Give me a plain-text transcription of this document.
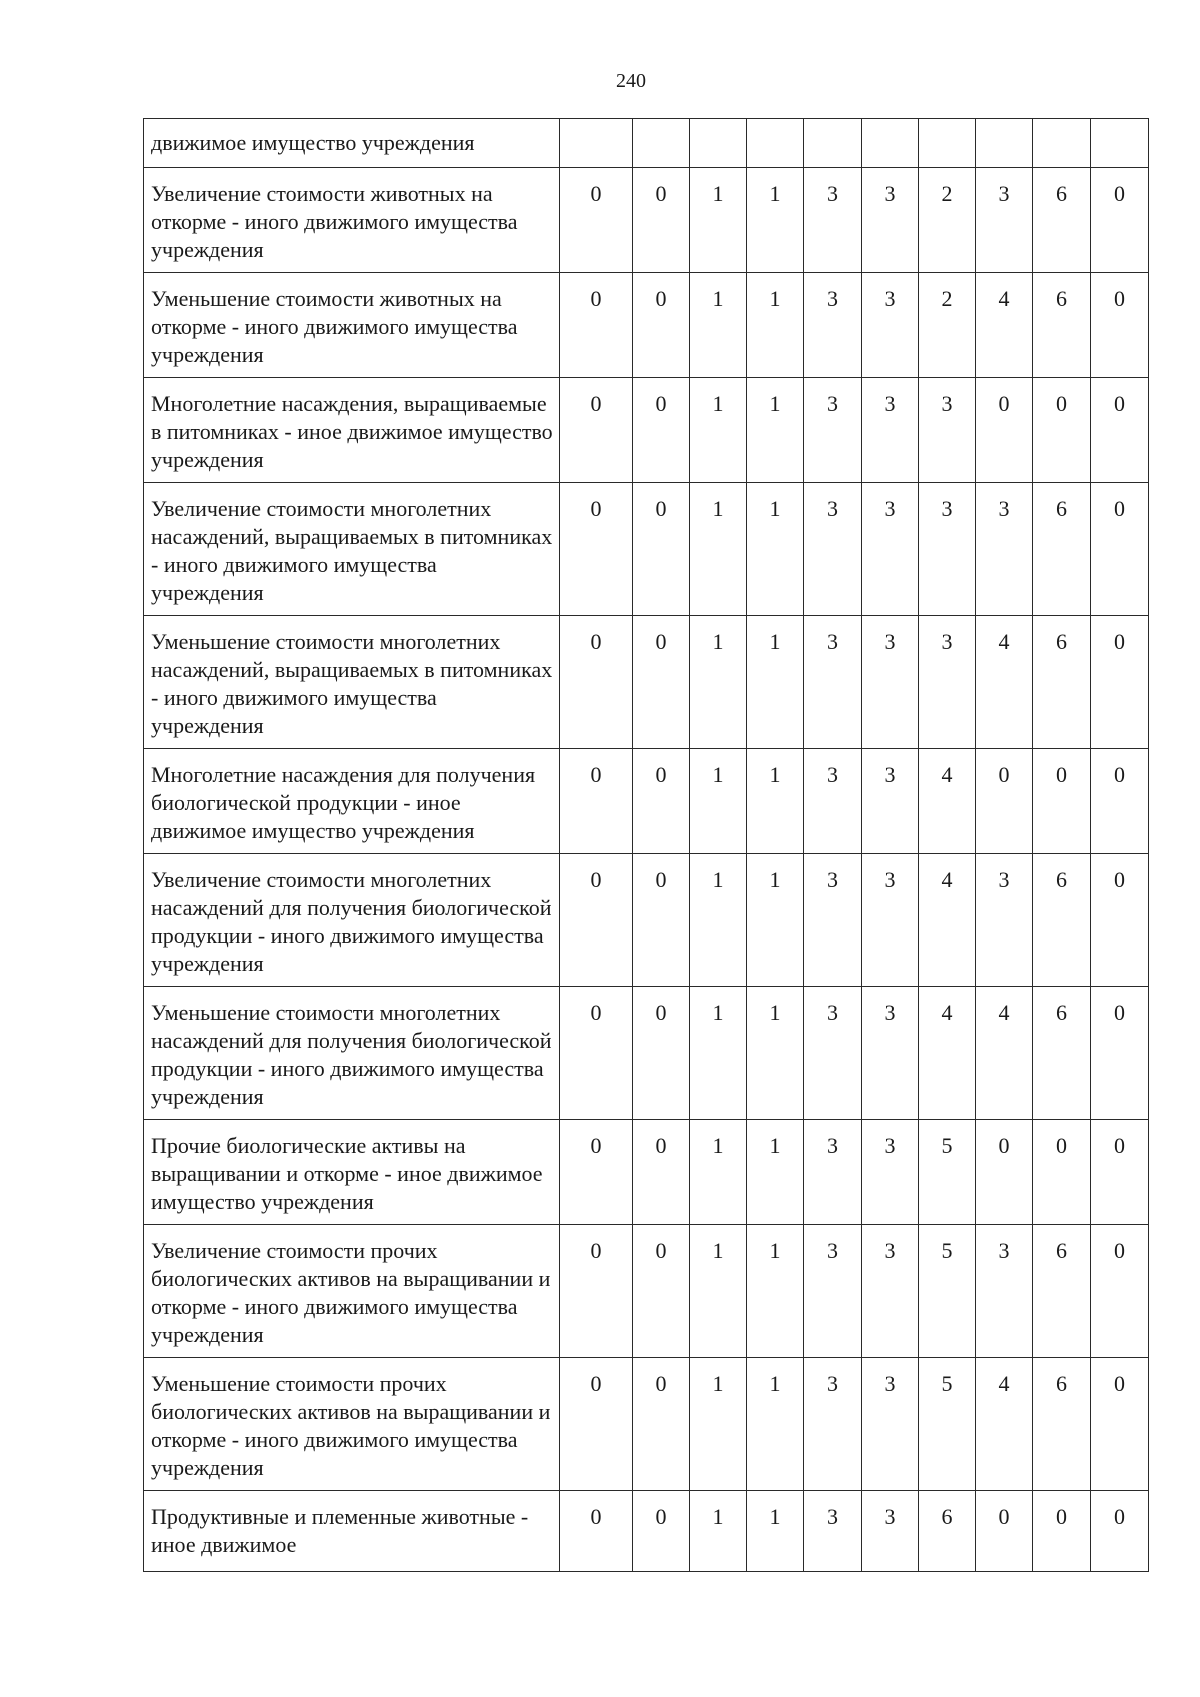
240
движимое имущество учреждения										
Увеличение стоимости животных на откорме - иного движимого имущества учреждения	0	0	1	1	3	3	2	3	6	0
Уменьшение стоимости животных на откорме - иного движимого имущества учреждения	0	0	1	1	3	3	2	4	6	0
Многолетние насаждения, выращиваемые в питомниках - иное движимое имущество учреждения	0	0	1	1	3	3	3	0	0	0
Увеличение стоимости многолетних насаждений, выращиваемых в питомниках - иного движимого имущества учреждения	0	0	1	1	3	3	3	3	6	0
Уменьшение стоимости многолетних насаждений, выращиваемых в питомниках - иного движимого имущества учреждения	0	0	1	1	3	3	3	4	6	0
Многолетние насаждения для получения биологической продукции - иное движимое имущество учреждения	0	0	1	1	3	3	4	0	0	0
Увеличение стоимости многолетних насаждений для получения биологической продукции - иного движимого имущества учреждения	0	0	1	1	3	3	4	3	6	0
Уменьшение стоимости многолетних насаждений для получения биологической продукции - иного движимого имущества учреждения	0	0	1	1	3	3	4	4	6	0
Прочие биологические активы на выращивании и откорме - иное движимое имущество учреждения	0	0	1	1	3	3	5	0	0	0
Увеличение стоимости прочих биологических активов на выращивании и откорме - иного движимого имущества учреждения	0	0	1	1	3	3	5	3	6	0
Уменьшение стоимости прочих биологических активов на выращивании и откорме - иного движимого имущества учреждения	0	0	1	1	3	3	5	4	6	0
Продуктивные и племенные животные - иное движимое	0	0	1	1	3	3	6	0	0	0
